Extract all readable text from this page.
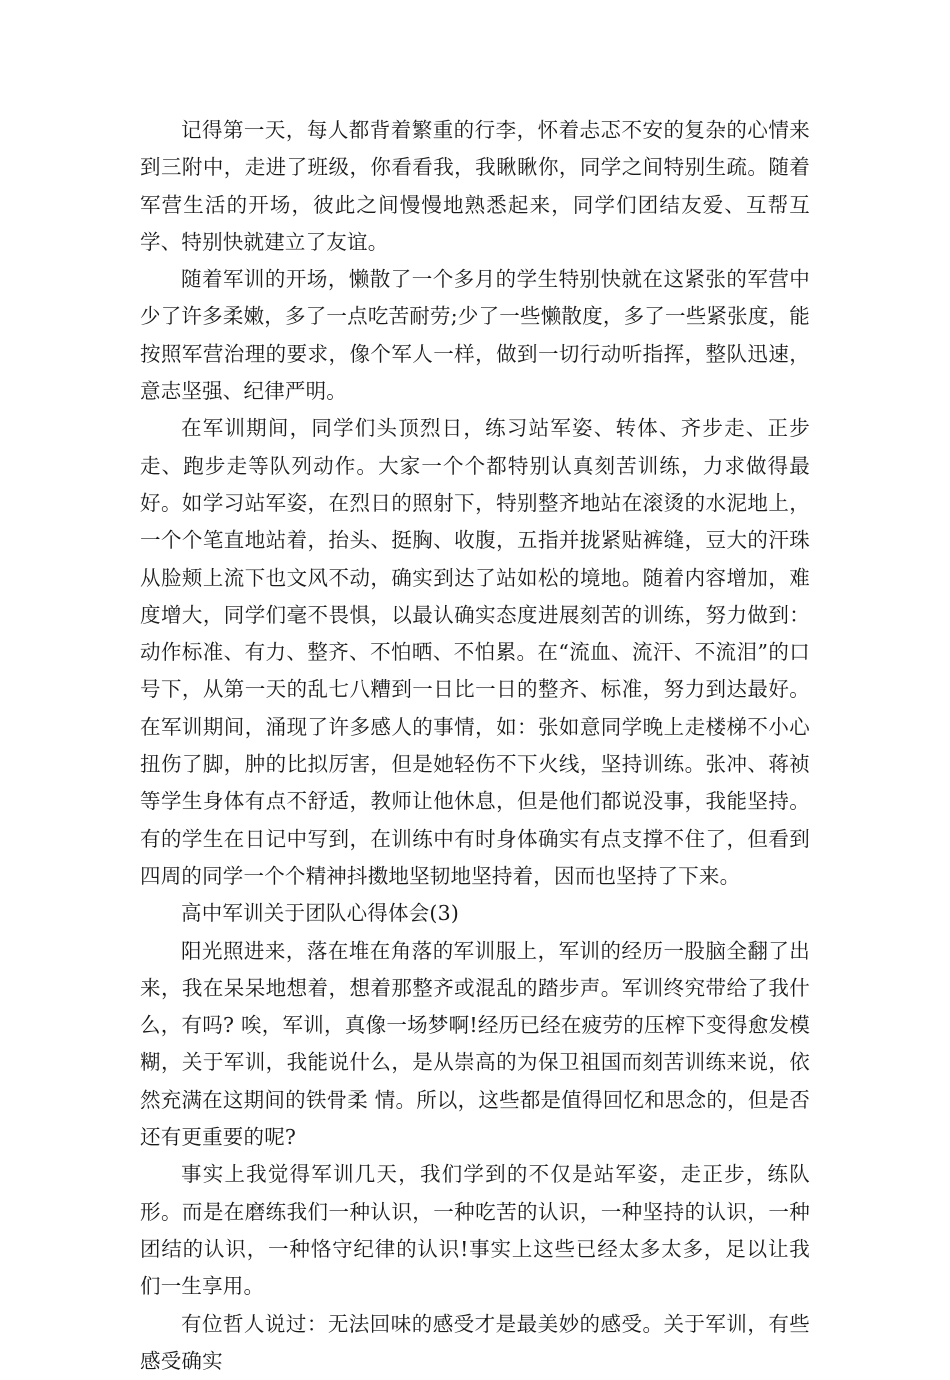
记得第一天，每人都背着繁重的行李，怀着忐忑不安的复杂的心情来到三附中，走进了班级，你看看我，我瞅瞅你，同学之间特别生疏。随着军营生活的开场，彼此之间慢慢地熟悉起来，同学们团结友爱、互帮互学、特别快就建立了友谊。

随着军训的开场，懒散了一个多月的学生特别快就在这紧张的军营中少了许多柔嫩，多了一点吃苦耐劳;少了一些懒散度，多了一些紧张度，能按照军营治理的要求，像个军人一样，做到一切行动听指挥，整队迅速，意志坚强、纪律严明。

在军训期间，同学们头顶烈日，练习站军姿、转体、齐步走、正步走、跑步走等队列动作。大家一个个都特别认真刻苦训练，力求做得最好。如学习站军姿，在烈日的照射下，特别整齐地站在滚烫的水泥地上，一个个笔直地站着，抬头、挺胸、收腹，五指并拢紧贴裤缝，豆大的汗珠从脸颊上流下也文风不动，确实到达了站如松的境地。随着内容增加，难度增大，同学们毫不畏惧，以最认确实态度进展刻苦的训练，努力做到：动作标准、有力、整齐、不怕晒、不怕累。在“流血、流汗、不流泪”的口号下，从第一天的乱七八糟到一日比一日的整齐、标准，努力到达最好。在军训期间，涌现了许多感人的事情，如：张如意同学晚上走楼梯不小心扭伤了脚，肿的比拟厉害，但是她轻伤不下火线，坚持训练。张冲、蒋祯等学生身体有点不舒适，教师让他休息，但是他们都说没事，我能坚持。有的学生在日记中写到，在训练中有时身体确实有点支撑不住了，但看到四周的同学一个个精神抖擞地坚韧地坚持着，因而也坚持了下来。

高中军训关于团队心得体会(3)

阳光照进来，落在堆在角落的军训服上，军训的经历一股脑全翻了出来，我在呆呆地想着，想着那整齐或混乱的踏步声。军训终究带给了我什么，有吗? 唉，军训，真像一场梦啊!经历已经在疲劳的压榨下变得愈发模糊，关于军训，我能说什么，是从崇高的为保卫祖国而刻苦训练来说，依然充满在这期间的铁骨柔 情。所以，这些都是值得回忆和思念的，但是否还有更重要的呢?

事实上我觉得军训几天，我们学到的不仅是站军姿，走正步，练队形。而是在磨练我们一种认识，一种吃苦的认识，一种坚持的认识，一种团结的认识，一种恪守纪律的认识!事实上这些已经太多太多，足以让我们一生享用。

有位哲人说过：无法回味的感受才是最美妙的感受。关于军训，有些感受确实
